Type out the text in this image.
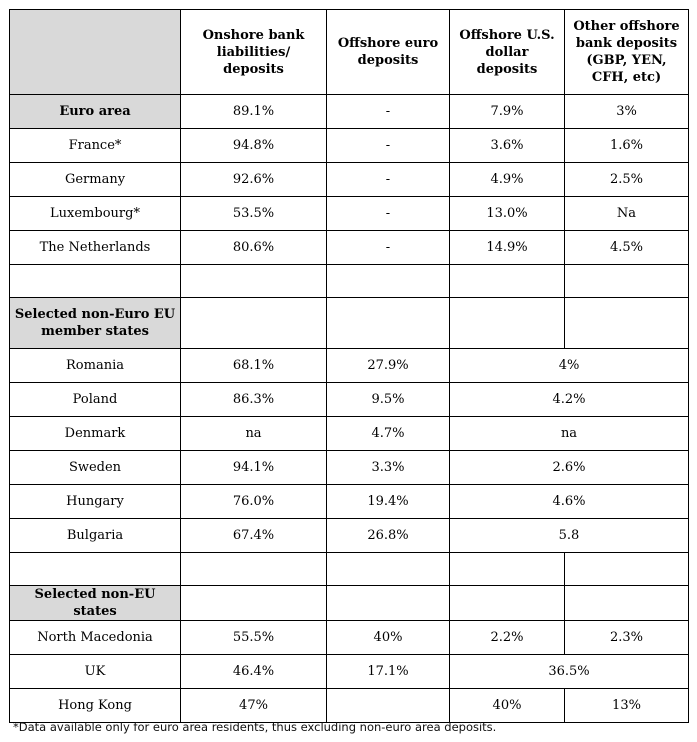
	Onshore bank liabilities/ deposits	Offshore euro deposits	Offshore U.S. dollar deposits	Other offshore bank deposits (GBP, YEN, CFH, etc)
Euro area	89.1%	-	7.9%	3%
France*	94.8%	-	3.6%	1.6%
Germany	92.6%	-	4.9%	2.5%
Luxembourg*	53.5%	-	13.0%	Na
The Netherlands	80.6%	-	14.9%	4.5%

Selected non-Euro EU member states				
Romania	68.1%	27.9%	4%	
Poland	86.3%	9.5%	4.2%	
Denmark	na	4.7%	na	
Sweden	94.1%	3.3%	2.6%	
Hungary	76.0%	19.4%	4.6%	
Bulgaria	67.4%	26.8%	5.8	

Selected non-EU states				
North Macedonia	55.5%	40%	2.2%	2.3%
UK	46.4%	17.1%	36.5%	
Hong Kong	47%		40%	13%
*Data available only for euro area residents, thus excluding non-euro area deposits.
